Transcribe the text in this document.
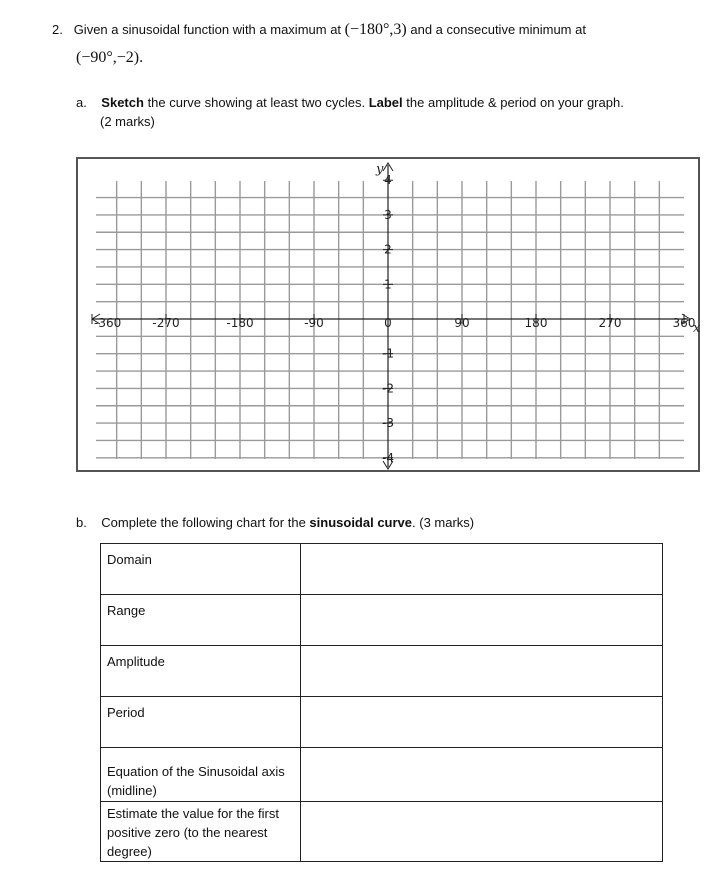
2. Given a sinusoidal function with a maximum at (−180°,3) and a consecutive minimum at
(−90°,−2).
a. Sketch the curve showing at least two cycles. Label the amplitude & period on your graph.
(2 marks)
-360	-270	-180	-90	0	90	180	270	360
4
3
2
1
-1
-2
-3
-4
y
x
b. Complete the following chart for the sinusoidal curve. (3 marks)
Domain	
Range	
Amplitude	
Period	
Equation of the Sinusoidal axis (midline)	
Estimate the value for the first positive zero (to the nearest degree)	
